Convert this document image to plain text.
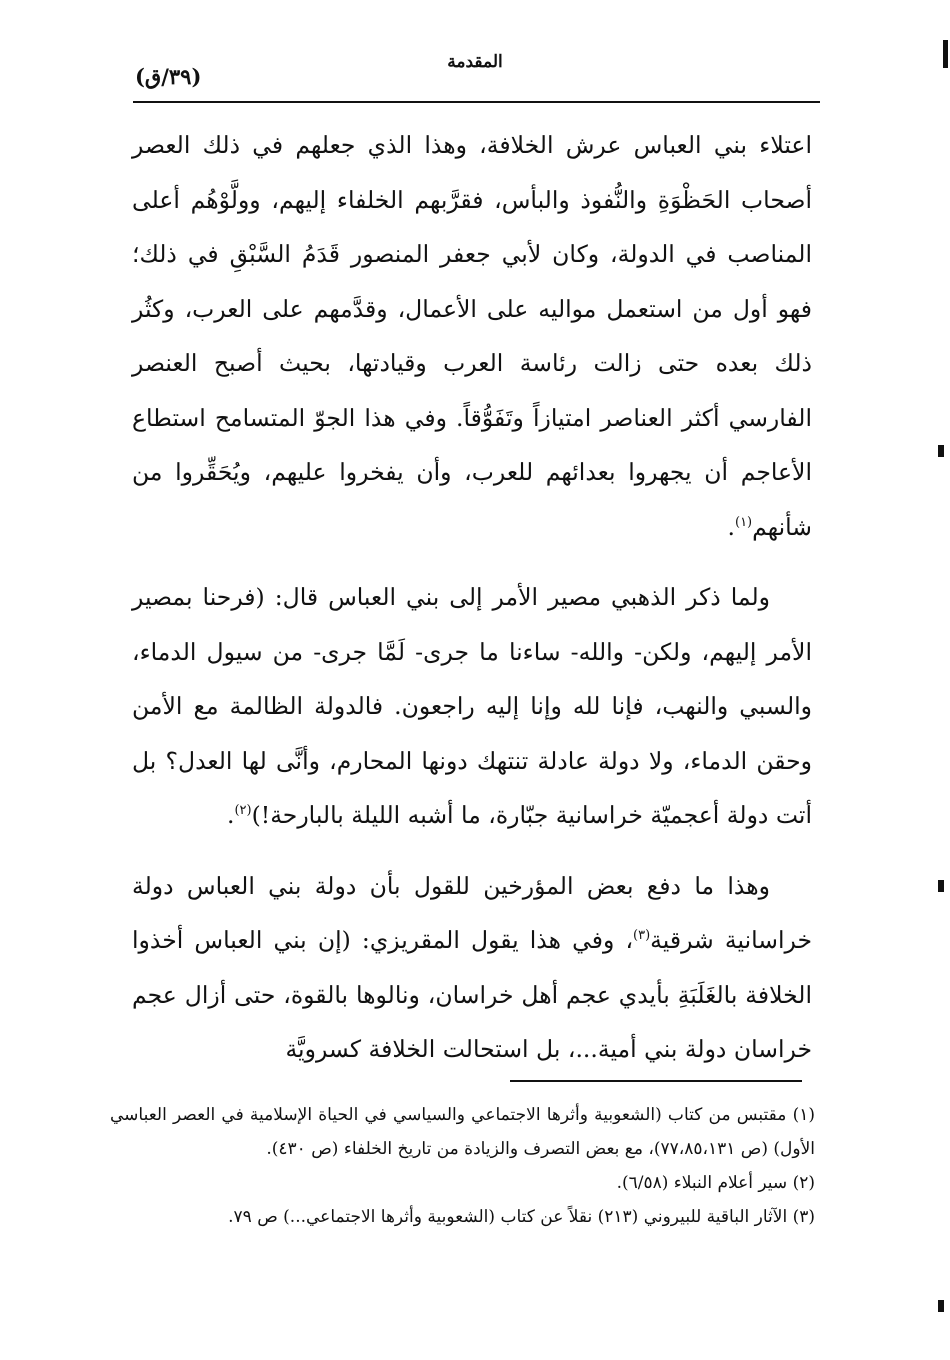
المقدمة
(٣٩/ق)

اعتلاء بني العباس عرش الخلافة، وهذا الذي جعلهم في ذلك العصر أصحاب الحَظْوَةِ والنُّفوذ والبأس، فقرَّبهم الخلفاء إليهم، وولَّوْهُم أعلى المناصب في الدولة، وكان لأبي جعفر المنصور قَدَمُ السَّبْقِ في ذلك؛ فهو أول من استعمل مواليه على الأعمال، وقدَّمهم على العرب، وكثُر ذلك بعده حتى زالت رئاسة العرب وقيادتها، بحيث أصبح العنصر الفارسي أكثر العناصر امتيازاً وتَفَوُّقاً. وفي هذا الجوّ المتسامح استطاع الأعاجم أن يجهروا بعدائهم للعرب، وأن يفخروا عليهم، ويُحَقِّروا من شأنهم$^{(١)}$.

ولما ذكر الذهبي مصير الأمر إلى بني العباس قال: (فرحنا بمصير الأمر إليهم، ولكن- والله- ساءنا ما جرى- لَمَّا جرى- من سيول الدماء، والسبي والنهب، فإنا لله وإنا إليه راجعون. فالدولة الظالمة مع الأمن وحقن الدماء، ولا دولة عادلة تنتهك دونها المحارم، وأنَّى لها العدل؟ بل أتت دولة أعجميّة خراسانية جبّارة، ما أشبه الليلة بالبارحة!)$^{(٢)}$.

وهذا ما دفع بعض المؤرخين للقول بأن دولة بني العباس دولة خراسانية شرقية$^{(٣)}$، وفي هذا يقول المقريزي: (إن بني العباس أخذوا الخلافة بالغَلَبَةِ بأيدي عجم أهل خراسان، ونالوها بالقوة، حتى أزال عجم خراسان دولة بني أمية...، بل استحالت الخلافة كسرويَّة

(١) مقتبس من كتاب (الشعوبية وأثرها الاجتماعي والسياسي في الحياة الإسلامية في العصر العباسي الأول) (ص ٧٧،٨٥،١٣١)، مع بعض التصرف والزيادة من تاريخ الخلفاء (ص ٤٣٠).

(٢) سير أعلام النبلاء (٦/٥٨).

(٣) الآثار الباقية للبيروني (٢١٣) نقلاً عن كتاب (الشعوبية وأثرها الاجتماعي...) ص ٧٩.
